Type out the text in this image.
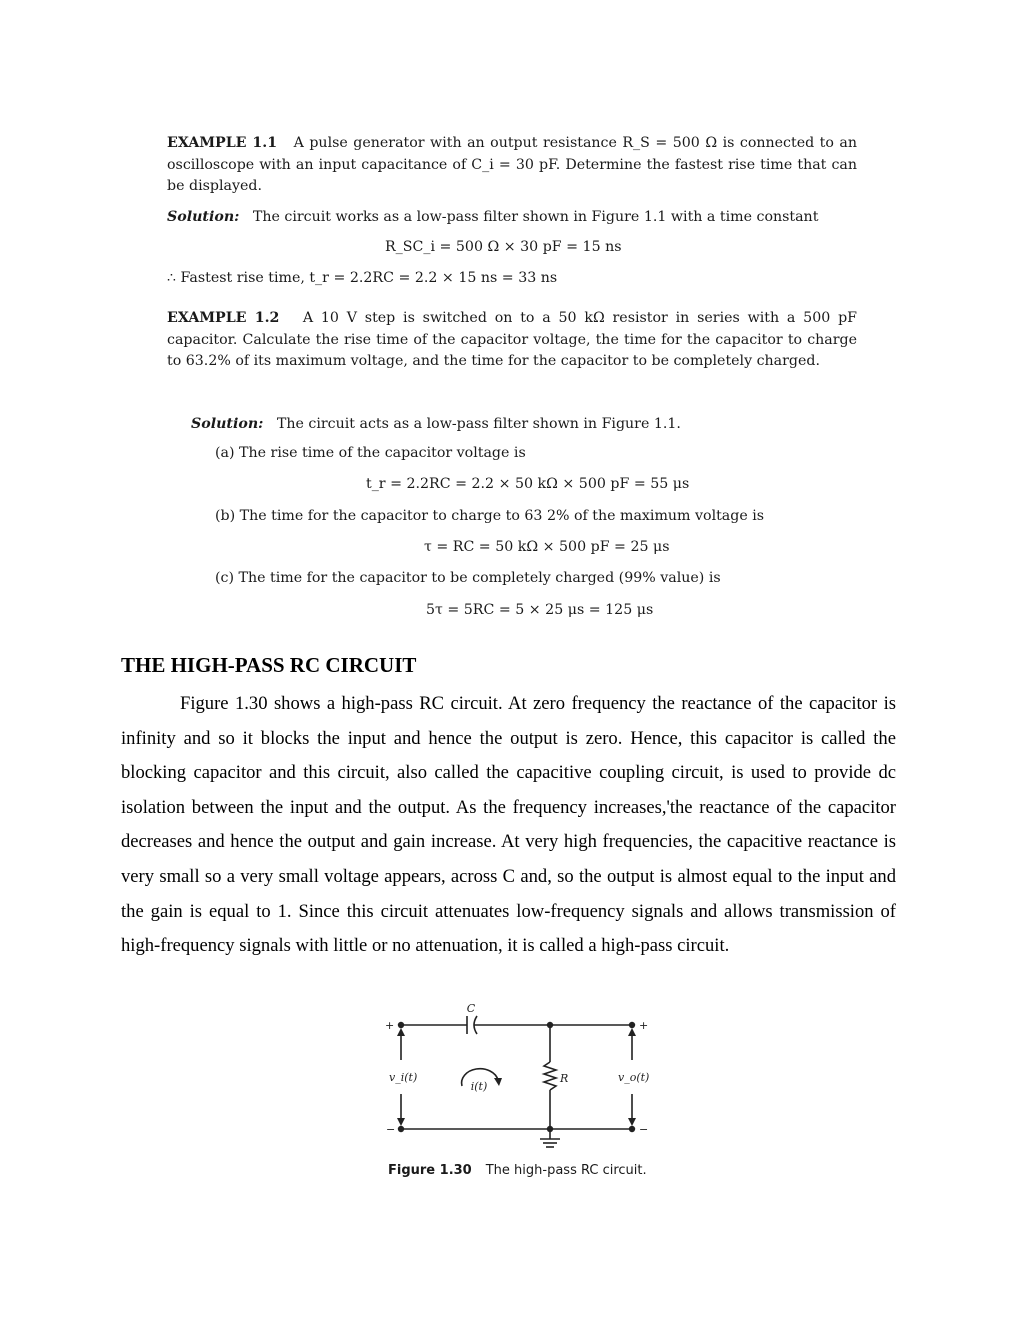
EXAMPLE 1.1 A pulse generator with an output resistance R_S = 500 Ω is connected to an oscilloscope with an input capacitance of C_i = 30 pF. Determine the fastest rise time that can be displayed.

Solution: The circuit works as a low-pass filter shown in Figure 1.1 with a time constant

R_SC_i = 500 Ω × 30 pF = 15 ns
∴ Fastest rise time, t_r = 2.2RC = 2.2 × 15 ns = 33 ns

EXAMPLE 1.2 A 10 V step is switched on to a 50 kΩ resistor in series with a 500 pF capacitor. Calculate the rise time of the capacitor voltage, the time for the capacitor to charge to 63.2% of its maximum voltage, and the time for the capacitor to be completely charged.

Solution: The circuit acts as a low-pass filter shown in Figure 1.1.
(a) The rise time of the capacitor voltage is
t_r = 2.2RC = 2.2 × 50 kΩ × 500 pF = 55 μs
(b) The time for the capacitor to charge to 63 2% of the maximum voltage is
τ = RC = 50 kΩ × 500 pF = 25 μs
(c) The time for the capacitor to be completely charged (99% value) is
5τ = 5RC = 5 × 25 μs = 125 μs
THE HIGH-PASS RC CIRCUIT
Figure 1.30 shows a high-pass RC circuit. At zero frequency the reactance of the capacitor is infinity and so it blocks the input and hence the output is zero. Hence, this capacitor is called the blocking capacitor and this circuit, also called the capacitive coupling circuit, is used to provide dc isolation between the input and the output. As the frequency increases,'the reactance of the capacitor decreases and hence the output and gain increase. At very high frequencies, the capacitive reactance is very small so a very small voltage appears, across C and, so the output is almost equal to the input and the gain is equal to 1. Since this circuit attenuates low-frequency signals and allows transmission of high-frequency signals with little or no attenuation, it is called a high-pass circuit.
C
R
v_i(t)	v_o(t)
i(t)
+
−
+
−
Figure 1.30 The high-pass RC circuit.
